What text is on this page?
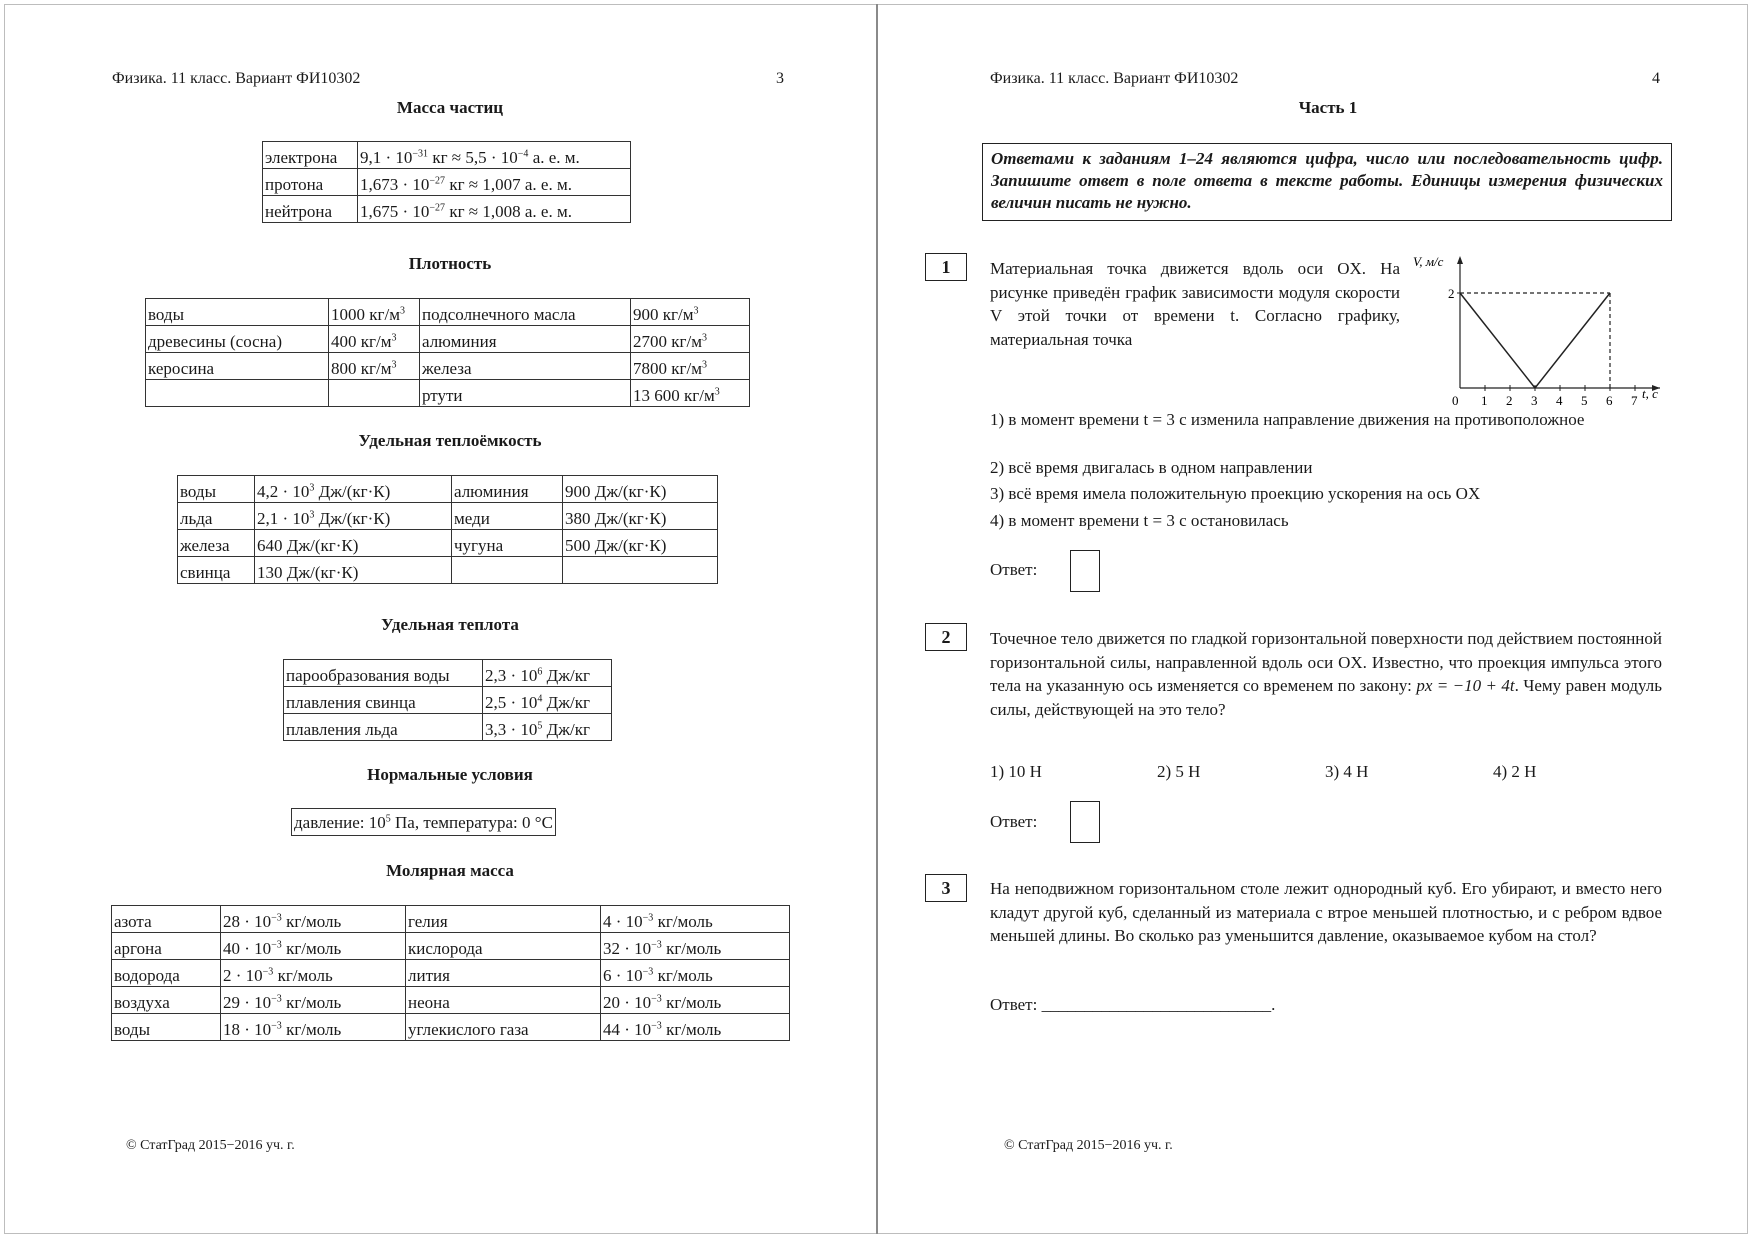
Физика. 11 класс. Вариант ФИ10302	3
Масса частиц
электрона	$9,1 \cdot 10^{-31}$ кг ≈ $5,5 \cdot 10^{-4}$ а. е. м.
протона	$1,673 \cdot 10^{-27}$ кг ≈ 1,007 а. е. м.
нейтрона	$1,675 \cdot 10^{-27}$ кг ≈ 1,008 а. е. м.
Плотность
воды	1000 $кг/м^3$	подсолнечного масла	900 $кг/м^3$
древесины (сосна)	400 $кг/м^3$	алюминия	2700 $кг/м^3$
керосина	800 $кг/м^3$	железа	7800 $кг/м^3$
		ртути	13 600 $кг/м^3$
Удельная теплоёмкость
воды	$4,2 \cdot 10^3$ Дж/(кг·К)	алюминия	900 Дж/(кг·К)
льда	$2,1 \cdot 10^3$ Дж/(кг·К)	меди	380 Дж/(кг·К)
железа	640 Дж/(кг·К)	чугуна	500 Дж/(кг·К)
свинца	130 Дж/(кг·К)		
Удельная теплота
парообразования воды	$2,3 \cdot 10^6$ Дж/кг
плавления свинца	$2,5 \cdot 10^4$ Дж/кг
плавления льда	$3,3 \cdot 10^5$ Дж/кг
Нормальные условия
давление: $10^5$ Па, температура: 0 °С
Молярная масса
азота	$28 \cdot 10^{-3}$ кг/моль	гелия	$4 \cdot 10^{-3}$ кг/моль
аргона	$40 \cdot 10^{-3}$ кг/моль	кислорода	$32 \cdot 10^{-3}$ кг/моль
водорода	$2 \cdot 10^{-3}$ кг/моль	лития	$6 \cdot 10^{-3}$ кг/моль
воздуха	$29 \cdot 10^{-3}$ кг/моль	неона	$20 \cdot 10^{-3}$ кг/моль
воды	$18 \cdot 10^{-3}$ кг/моль	углекислого газа	$44 \cdot 10^{-3}$ кг/моль
© СтатГрад 2015−2016 уч. г.
Физика. 11 класс. Вариант ФИ10302	4
Часть 1
Ответами к заданиям 1–24 являются цифра, число или последовательность цифр. Запишите ответ в поле ответа в тексте работы. Единицы измерения физических величин писать не нужно.
1	Материальная точка движется вдоль оси OX. На рисунке приведён график зависимости модуля скорости V этой точки от времени t. Согласно графику, материальная точка
V, м/с
t, c
0 1 2 3 4 5 6 7
2
1) в момент времени t = 3 с изменила направление движения на противоположное
2) всё время двигалась в одном направлении
3) всё время имела положительную проекцию ускорения на ось OX
4) в момент времени t = 3 с остановилась
Ответ:
2	Точечное тело движется по гладкой горизонтальной поверхности под действием постоянной горизонтальной силы, направленной вдоль оси OX. Известно, что проекция импульса этого тела на указанную ось изменяется со временем по закону: px = −10 + 4t. Чему равен модуль силы, действующей на это тело?
1) 10 Н	2) 5 Н	3) 4 Н	4) 2 Н
Ответ:
3	На неподвижном горизонтальном столе лежит однородный куб. Его убирают, и вместо него кладут другой куб, сделанный из материала с втрое меньшей плотностью, и с ребром вдвое меньшей длины. Во сколько раз уменьшится давление, оказываемое кубом на стол?
Ответ: ___________________________.
© СтатГрад 2015−2016 уч. г.
